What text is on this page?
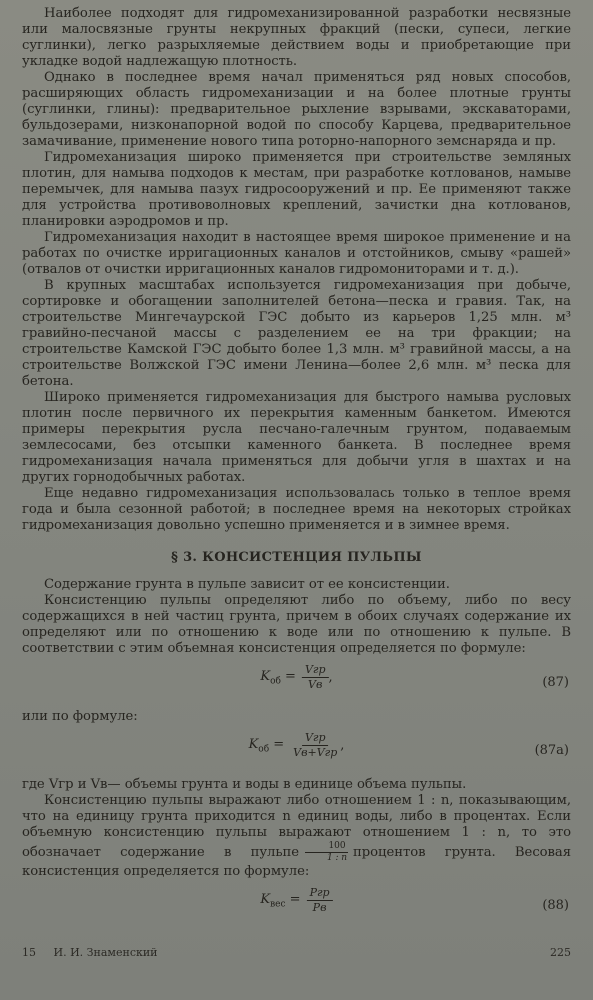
Наиболее подходят для гидромеханизированной разработки несвязные или малосвязные грунты некрупных фракций (пески, супеси, легкие суглинки), легко разрыхляемые действием воды и приобретающие при укладке водой надлежащую плотность.

Однако в последнее время начал применяться ряд новых способов, расширяющих область гидромеханизации и на более плотные грунты (суглинки, глины): предварительное рыхление взрывами, экскаваторами, бульдозерами, низконапорной водой по способу Карцева, предварительное замачивание, применение нового типа роторно-напорного земснаряда и пр.

Гидромеханизация широко применяется при строительстве земляных плотин, для намыва подходов к местам, при разработке котлованов, намыве перемычек, для намыва пазух гидросооружений и пр. Ее применяют также для устройства противоволновых креплений, зачистки дна котлованов, планировки аэродромов и пр.

Гидромеханизация находит в настоящее время широкое применение и на работах по очистке ирригационных каналов и отстойников, смыву «рашей» (отвалов от очистки ирригационных каналов гидромониторами и т. д.).

В крупных масштабах используется гидромеханизация при добыче, сортировке и обогащении заполнителей бетона—песка и гравия. Так, на строительстве Мингечаурской ГЭС добыто из карьеров 1,25 млн. м³ гравийно-песчаной массы с разделением ее на три фракции; на строительстве Камской ГЭС добыто более 1,3 млн. м³ гравийной массы, а на строительстве Волжской ГЭС имени Ленина—более 2,6 млн. м³ песка для бетона.

Широко применяется гидромеханизация для быстрого намыва русловых плотин после первичного их перекрытия каменным банкетом. Имеются примеры перекрытия русла песчано-галечным грунтом, подаваемым землесосами, без отсыпки каменного банкета. В последнее время гидромеханизация начала применяться для добычи угля в шахтах и на других горнодобычных работах.

Еще недавно гидромеханизация использовалась только в теплое время года и была сезонной работой; в последнее время на некоторых стройках гидромеханизация довольно успешно применяется и в зимнее время.

§ 3. КОНСИСТЕНЦИЯ ПУЛЬПЫ

Содержание грунта в пульпе зависит от ее консистенции.

Консистенцию пульпы определяют либо по объему, либо по весу содержащихся в ней частиц грунта, причем в обоих случаях содержание их определяют или по отношению к воде или по отношению к пульпе. В соответствии с этим объемная консистенция определяется по формуле:

$K_{об} = \frac{\text{Vгр}}{Vв}$ ,	(87)

или по формуле:

$K_{об} = \frac{\text{Vгр}}{\text{Vв+Vгр}}$ ,	(87а)

где Vгр и Vв— объемы грунта и воды в единице объема пульпы.

Консистенцию пульпы выражают либо отношением 1 : n, показывающим, что на единицу грунта приходится n единиц воды, либо в процентах. Если объемную консистенцию пульпы выражают отношением 1 : n, то это обозначает содержание в пульпе $\frac{100}{1 : n}$ процентов грунта. Весовая консистенция определяется по формуле:

$K_{вес} = \frac{\text{Pгр}}{Pв}$	(88)
15 И. И. Знаменский	225
